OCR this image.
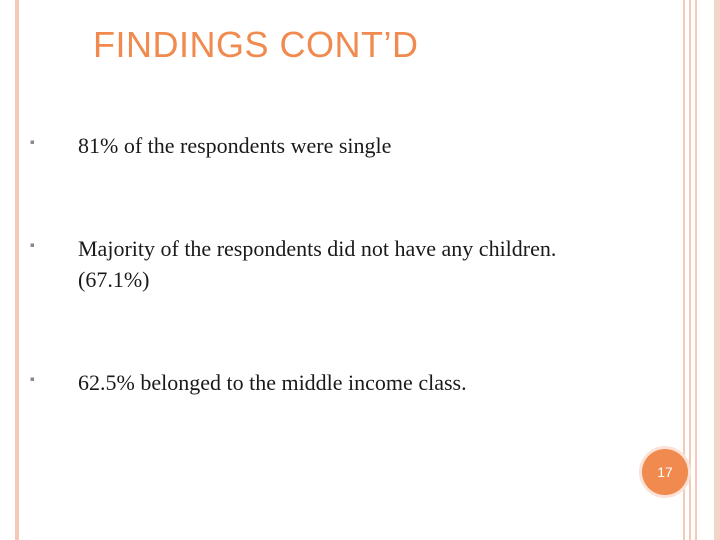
FINDINGS CONT’D
▪ 81% of the respondents were single
▪ Majority of the respondents did not have any children. (67.1%)
▪ 62.5% belonged to the middle income class.
17
